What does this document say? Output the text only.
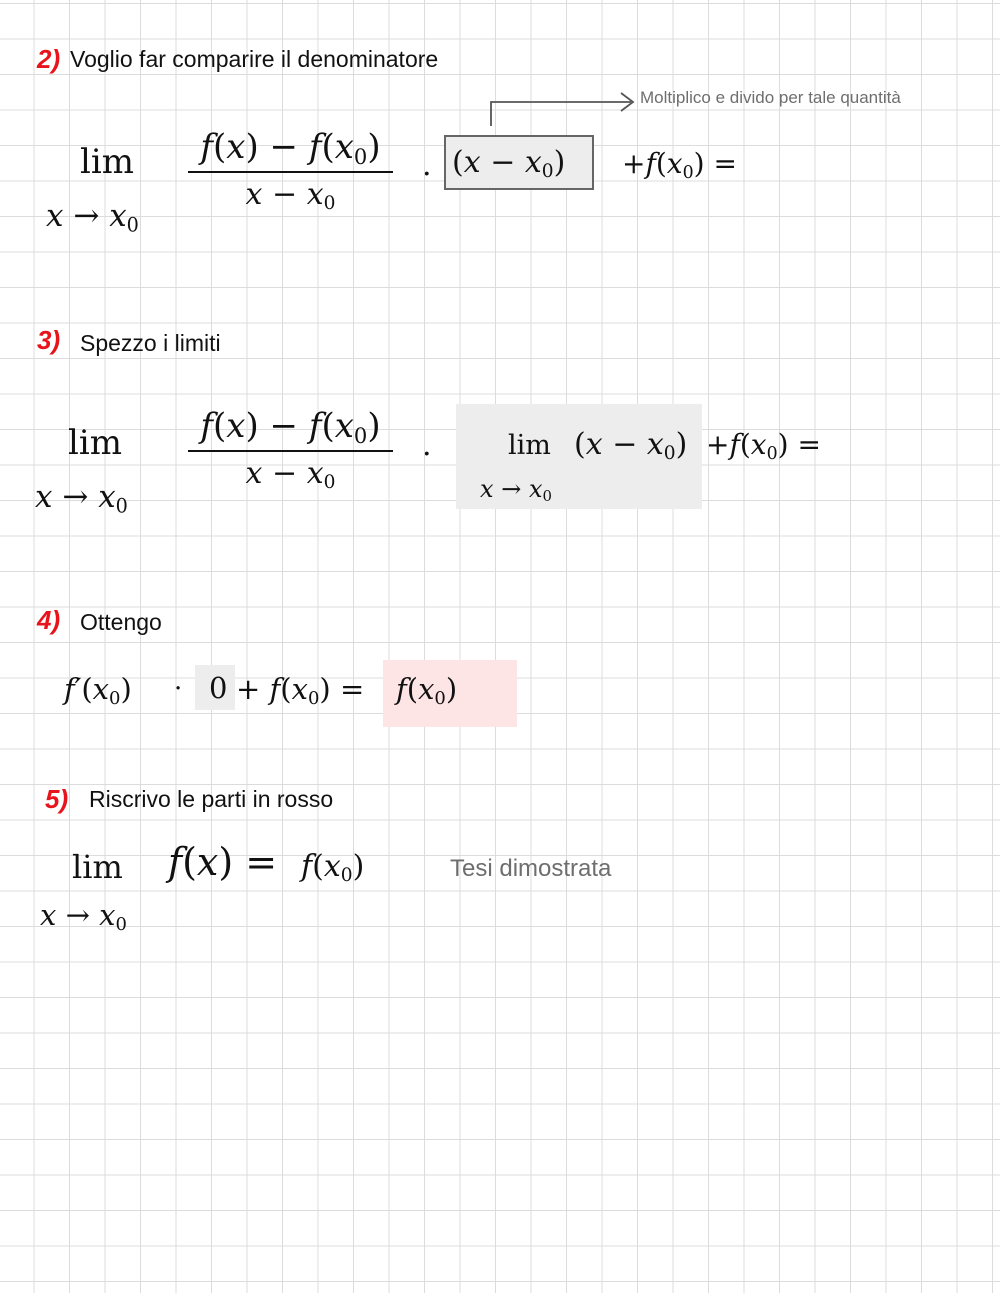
2) Voglio far comparire il denominatore
Moltiplico e divido per tale quantità
lim
$x \to x_0$
$f(x) - f(x_0)$
$x - x_0$
. $(x - x_0) +f(x_0)$ =
3) Spezzo i limiti
lim
$x \to x_0$
$f(x) - f(x_0)$
$x - x_0$
.	lim
$x \to x_0$
$(x - x_0) +f(x_0)$ =
4) Ottengo
$f'(x_0) \cdot 0 + f(x_0) = f(x_0)$
5) Riscrivo le parti in rosso
lim
$x \to x_0$
$f(x) = f(x_0)$	Tesi dimostrata
